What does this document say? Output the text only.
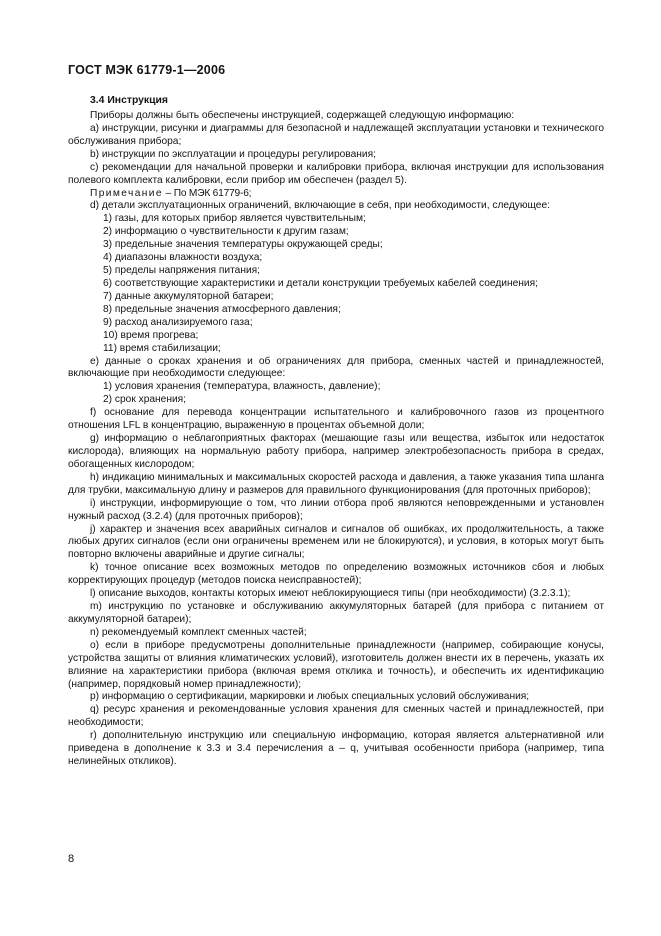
ГОСТ МЭК 61779-1—2006
3.4 Инструкция

Приборы должны быть обеспечены инструкцией, содержащей следующую информацию:

a) инструкции, рисунки и диаграммы для безопасной и надлежащей эксплуатации установки и технического обслуживания прибора;

b) инструкции по эксплуатации и процедуры регулирования;

c) рекомендации для начальной проверки и калибровки прибора, включая инструкции для использования полевого комплекта калибровки, если прибор им обеспечен (раздел 5).

Примечание – По МЭК 61779-6;

d) детали эксплуатационных ограничений, включающие в себя, при необходимости, следующее:

1) газы, для которых прибор является чувствительным;

2) информацию о чувствительности к другим газам;

3) предельные значения температуры окружающей среды;

4) диапазоны влажности воздуха;

5) пределы напряжения питания;

6) соответствующие характеристики и детали конструкции требуемых кабелей соединения;

7) данные аккумуляторной батареи;

8) предельные значения атмосферного давления;

9) расход анализируемого газа;

10) время прогрева;

11) время стабилизации;

e) данные о сроках хранения и об ограничениях для прибора, сменных частей и принадлежностей, включающие при необходимости следующее:

1) условия хранения (температура, влажность, давление);

2) срок хранения;

f) основание для перевода концентрации испытательного и калибровочного газов из процентного отношения LFL в концентрацию, выраженную в процентах объемной доли;

g) информацию о неблагоприятных факторах (мешающие газы или вещества, избыток или недостаток кислорода), влияющих на нормальную работу прибора, например электробезопасность прибора в средах, обогащенных кислородом;

h) индикацию минимальных и максимальных скоростей расхода и давления, а также указания типа шланга для трубки, максимальную длину и размеров для правильного функционирования (для проточных приборов);

i) инструкции, информирующие о том, что линии отбора проб являются неповрежденными и установлен нужный расход (3.2.4) (для проточных приборов);

j) характер и значения всех аварийных сигналов и сигналов об ошибках, их продолжительность, а также любых других сигналов (если они ограничены временем или не блокируются), и условия, в которых могут быть повторно включены аварийные и другие сигналы;

k) точное описание всех возможных методов по определению возможных источников сбоя и любых корректирующих процедур (методов поиска неисправностей);

l) описание выходов, контакты которых имеют неблокирующиеся типы (при необходимости) (3.2.3.1);

m) инструкцию по установке и обслуживанию аккумуляторных батарей (для прибора с питанием от аккумуляторной батареи);

n) рекомендуемый комплект сменных частей;

o) если в приборе предусмотрены дополнительные принадлежности (например, собирающие конусы, устройства защиты от влияния климатических условий), изготовитель должен внести их в перечень, указать их влияние на характеристики прибора (включая время отклика и точность), и обеспечить их идентификацию (например, порядковый номер принадлежности);

p) информацию о сертификации, маркировки и любых специальных условий обслуживания;

q) ресурс хранения и рекомендованные условия хранения для сменных частей и принадлежностей, при необходимости;

r) дополнительную инструкцию или специальную информацию, которая является альтернативной или приведена в дополнение к 3.3 и 3.4 перечисления a – q, учитывая особенности прибора (например, типа нелинейных откликов).

8
